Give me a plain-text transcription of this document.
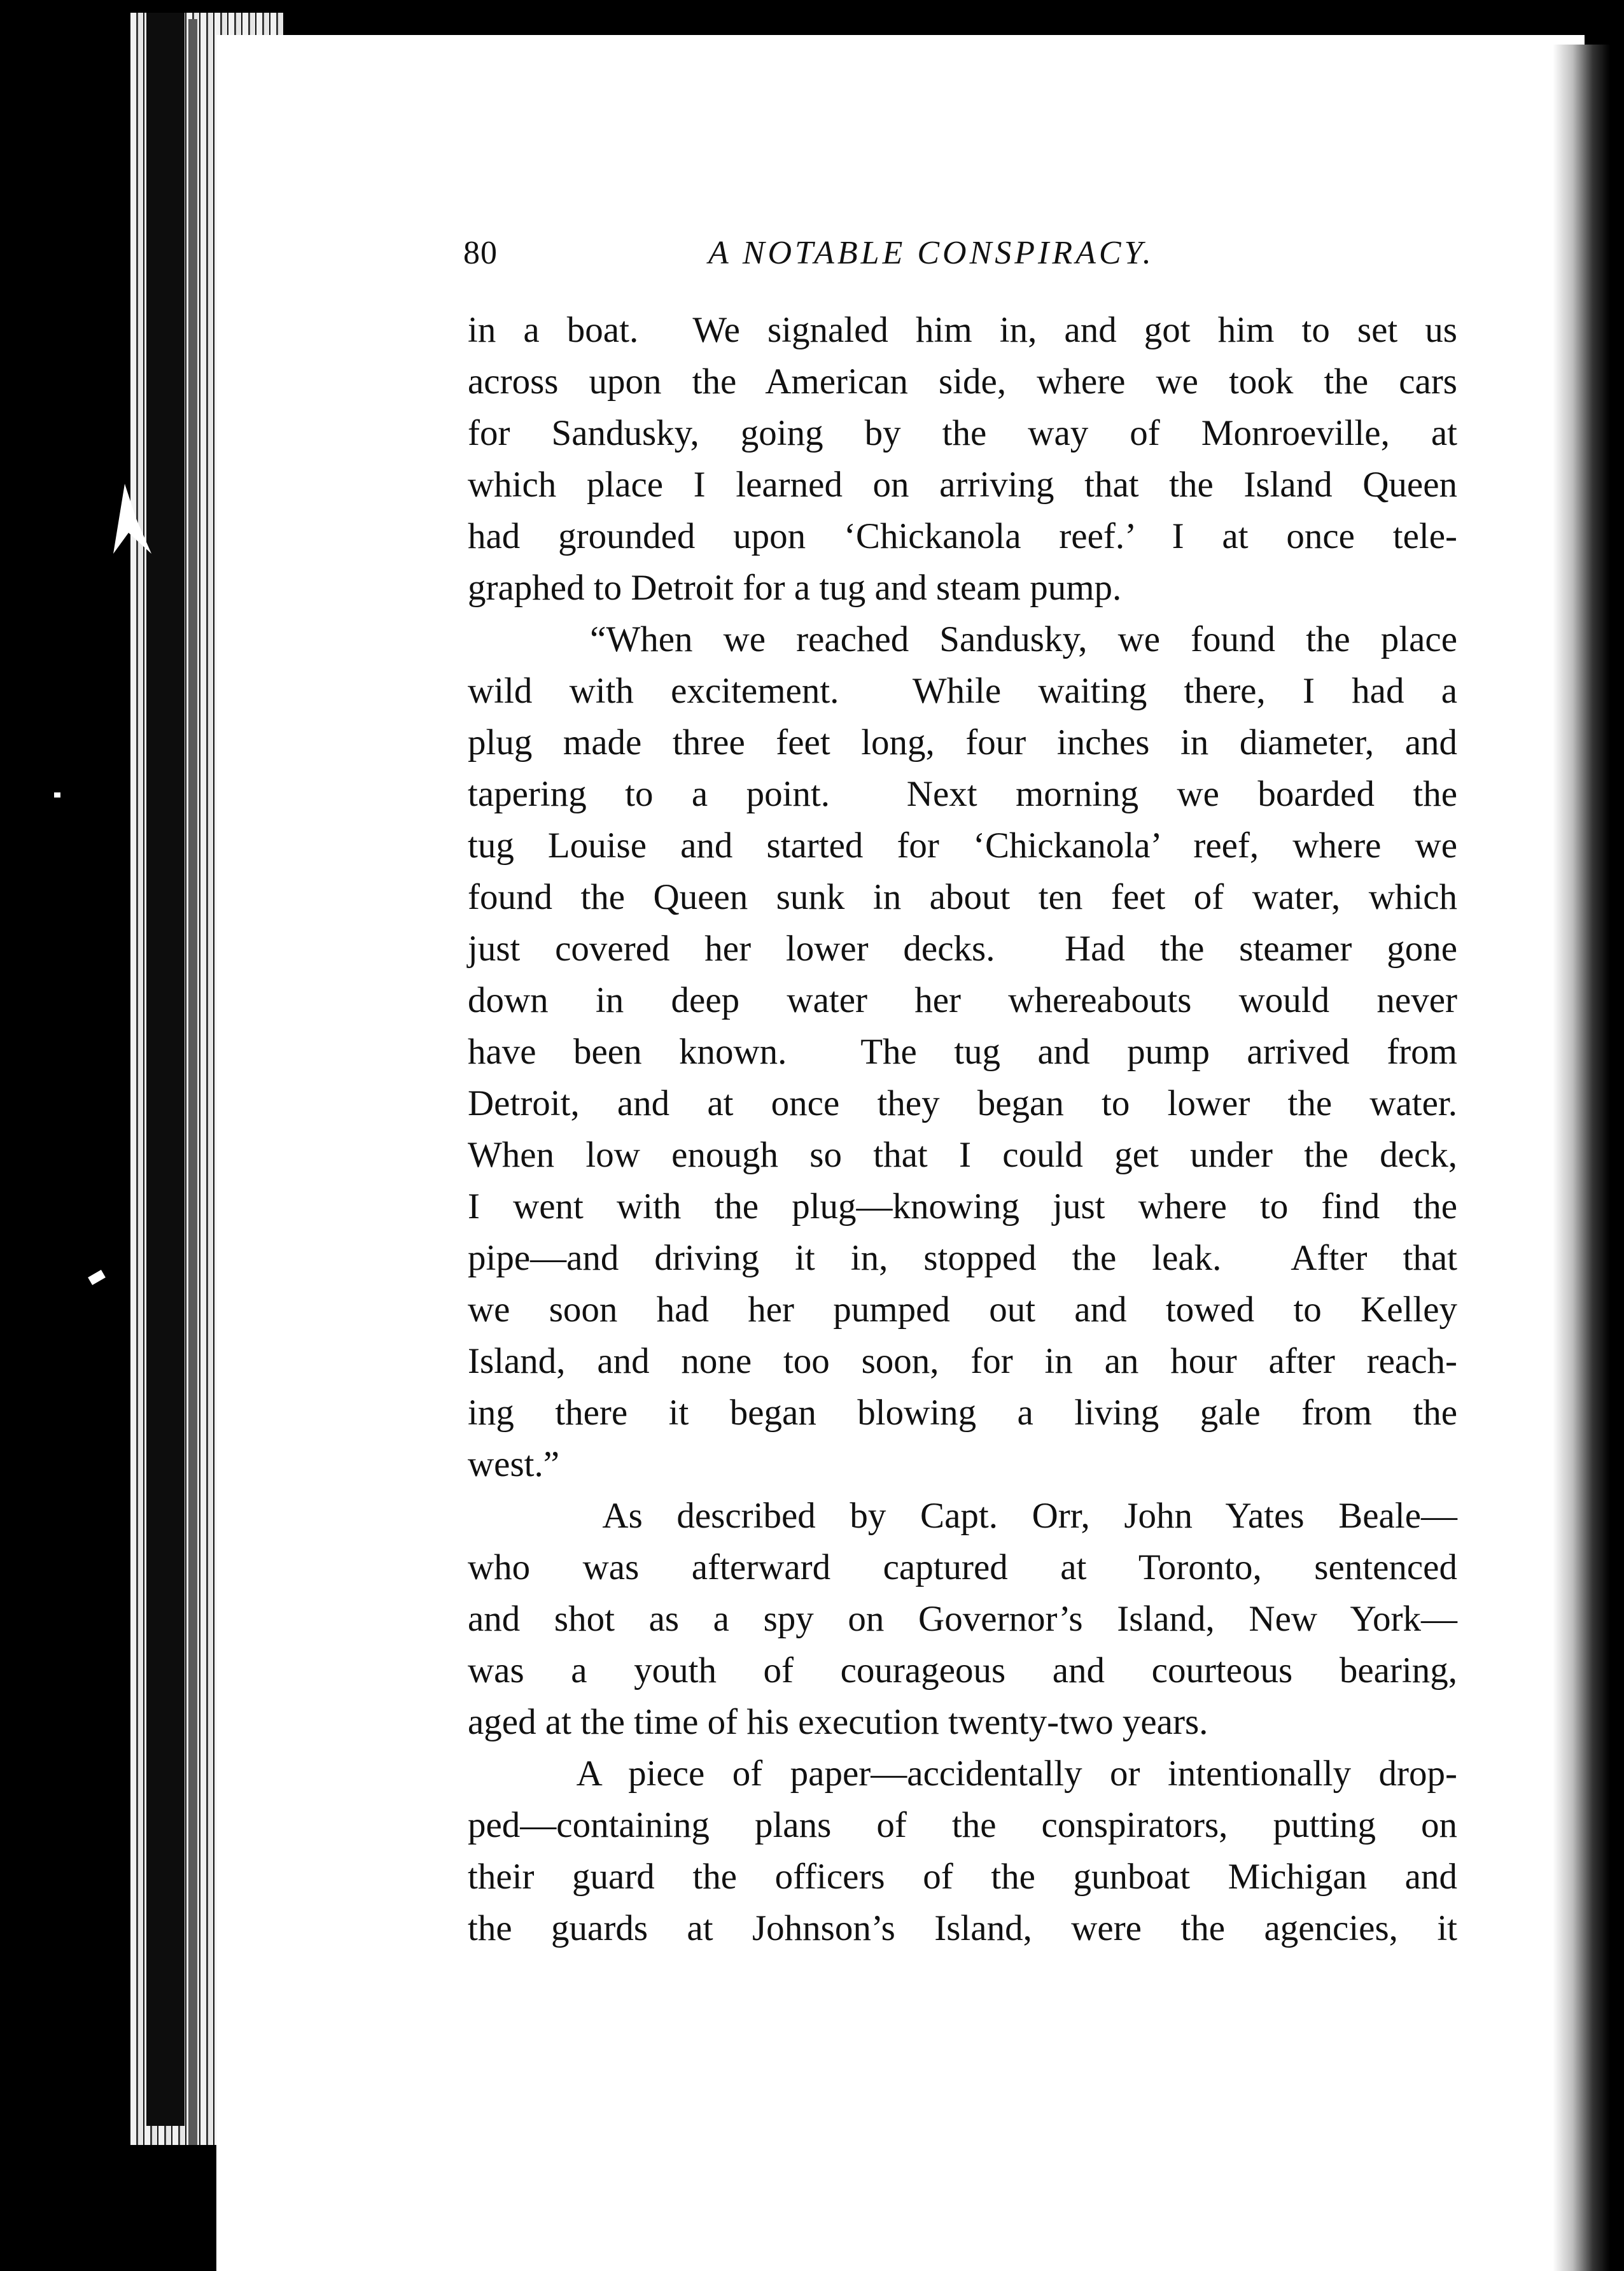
80	A NOTABLE CONSPIRACY.
in a boat.  We signaled him in, and got him to set us
across upon the American side, where we took the cars
for Sandusky, going by the way of Monroeville, at
which place I learned on arriving that the Island Queen
had grounded upon ‘Chickanola reef.’ I at once tele-
graphed to Detroit for a tug and steam pump.
“When we reached Sandusky, we found the place
wild with excitement.  While waiting there, I had a
plug made three feet long, four inches in diameter, and
tapering to a point.  Next morning we boarded the
tug Louise and started for ‘Chickanola’ reef, where we
found the Queen sunk in about ten feet of water, which
just covered her lower decks.  Had the steamer gone
down in deep water her whereabouts would never
have been known.  The tug and pump arrived from
Detroit, and at once they began to lower the water.
When low enough so that I could get under the deck,
I went with the plug—knowing just where to find the
pipe—and driving it in, stopped the leak.  After that
we soon had her pumped out and towed to Kelley
Island, and none too soon, for in an hour after reach-
ing there it began blowing a living gale from the
west.”
As described by Capt. Orr, John Yates Beale—
who was afterward captured at Toronto, sentenced
and shot as a spy on Governor’s Island, New York—
was a youth of courageous and courteous bearing,
aged at the time of his execution twenty-two years.
A piece of paper—accidentally or intentionally drop-
ped—containing plans of the conspirators, putting on
their guard the officers of the gunboat Michigan and
the guards at Johnson’s Island, were the agencies, it
